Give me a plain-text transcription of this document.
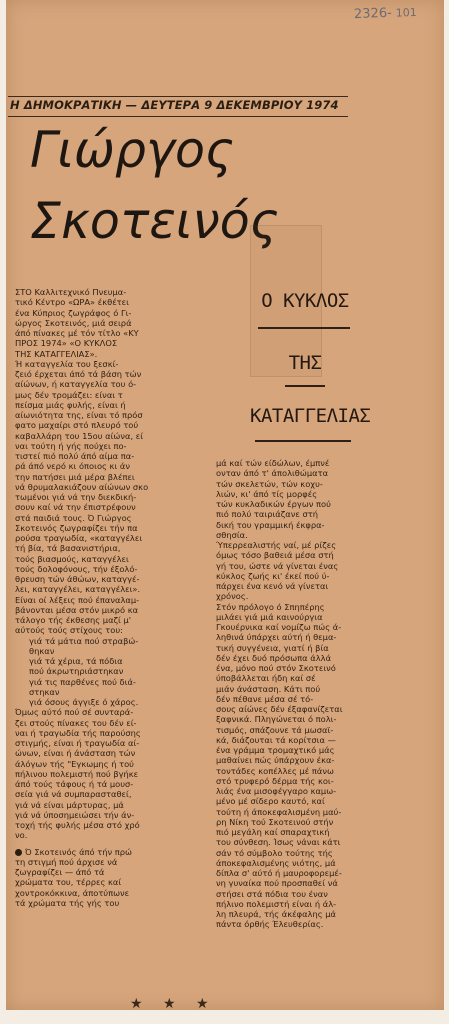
2326- 101
Η ΔΗΜΟΚΡΑΤΙΚΗ — ΔΕΥΤΕΡΑ 9 ΔΕΚΕΜΒΡΙΟΥ 1974
Γιώργος
Σκοτεινός
Ο ΚΥΚΛΟΣ
ΤΗΣ
ΚΑΤΑΓΓΕΛΙΑΣ
ΣΤΟ Καλλιτεχνικό Πνευμα-
τικό Κέντρο «ΩΡΑ» έκθέτει
ένα Κύπριος ζωγράφος ό Γι-
ώργος Σκοτεινός, μιά σειρά
άπό πίνακες μέ τόν τίτλο «ΚΥ
ΠΡΟΣ 1974» «Ο ΚΥΚΛΟΣ
ΤΗΣ ΚΑΤΑΓΓΕΛΙΑΣ».
Ή καταγγελία του ξεσκί-
ζειό έρχεται άπό τά βάση τών
αίώνων, ή καταγγελία του ό-
μως δέν τρομάζει: είναι τ
πείσμα μιάς φυλής, είναι ή
αίωνιότητα της, είναι τό πρόσ
φατο μαχαίρι στό πλευρό τού
καβαλλάρη του 15ου αίώνα, εί
ναι τούτη ή γής πούχει πο-
τιστεί πιό πολύ άπό αίμα πα-
ρά άπό νερό κι όποιος κι άν
την πατήσει μιά μέρα βλέπει
νά θρυμαλακιάζουν αίώνων σκο
τωμένοι γιά νά την διεκδική-
σουν καί νά την έπιστρέφουν
στά παιδιά τους. Ό Γιώργος
Σκοτεινός ζωγραφίζει τήν πα
ρούσα τραγωδία, «καταγγέλει
τή βία, τά βασανιστήρια,
τούς βιασμούς, καταγγέλει
τούς δολοφόνους, τήν έξολό-
θρευση τών άθώων, καταγγέ-
λει, καταγγέλει, καταγγέλει».
Είναι οί λέξεις πού έπαναλαμ-
βάνονται μέσα στόν μικρό κα
τάλογο τής έκθεσης μαζί μ'
αύτούς τούς στίχους του:
γιά τά μάτια πού στραβώ-
θηκαν
γιά τά χέρια, τά πόδια
πού άκρωτηριάστηκαν
γιά τις παρθένες πού διά-
στηκαν
γιά όσους άγγιξε ό χάρος.
Όμως αύτό πού σέ συνταρά-
ζει στούς πίνακες του δέν εί-
ναι ή τραγωδία τής παρούσης
στιγμής, είναι ή τραγωδία αί-
ώνων, είναι ή άνάσταση τών
άλόγων τής "Εγκωμης ή τού
πήλινου πολεμιστή πού βγήκε
άπό τούς τάφους ή τά μουσ-
σεία γιά νά συμπαρασταθεί,
γιά νά είναι μάρτυρας, μά
γιά νά ύποσημειώσει τήν άν-
τοχή τής φυλής μέσα στό χρό
νο.
Ό Σκοτεινός άπό τήν πρώ
τη στιγμή πού άρχισε νά
ζωγραφίζει — άπό τά
χρώματα του, τέρρες καί
χοντροκόκκινα, άποτύπωνε
τά χρώματα τής γής του
μά καί τών είδώλων, έμπνέ
ονταν άπό τ' άπολιθώματα
τών σκελετών, τών κοχυ-
λιών, κι' άπό τίς μορφές
τών κυκλαδικών έργων πού
πιό πολύ ταιριάζανε στή
δική του γραμμική έκφρα-
σθησία.
Ύπερρεαλιστής ναί, μέ ρίζες
όμως τόσο βαθειά μέσα στή
γή του, ώστε νά γίνεται ένας
κύκλος ζωής κι' έκεί πού ύ-
πάρχει ένα κενό νά γίνεται
χρόνος.
Στόν πρόλογο ό Σπηπέρης
μιλάει γιά μιά καινούργια
Γκουέρνικα καί νομίζω πώς ά-
ληθινά ύπάρχει αύτή ή θεμα-
τική συγγένεια, γιατί ή βία
δέν έχει δυό πρόσωπα άλλά
ένα, μόνο πού στόν Σκοτεινό
ύποβάλλεται ήδη καί σέ
μιάν άνάσταση. Κάτι πού
δέν πέθανε μέσα σέ τό-
σους αίώνες δέν έξαφανίζεται
ξαφνικά. Πληγώνεται ό πολι-
τισμός, σπάζουνε τά μωσαϊ-
κά, διάζουται τά κορίτσια —
ένα γράμμα τρομαχτικό μάς
μαθαίνει πώς ύπάρχουν έκα-
τοντάδες κοπέλλες μέ πάνω
στό τρυφερό δέρμα τής κοι-
λιάς ένα μισοφέγγαρο καμω-
μένο μέ σίδερο καυτό, καί
τούτη ή άποκεφαλισμένη μαύ-
ρη Νίκη τού Σκοτεινού στήν
πιό μεγάλη καί σπαραχτική
του σύνθεση. Ίσως νάναι κάτι
σάν τό σύμβολο τούτης τής
άποκεφαλισμένης νιότης, μά
δίπλα σ' αύτό ή μαυροφορεμέ-
νη γυναίκα πού προσπαθεί νά
στήσει στά πόδια του έναν
πήλινο πολεμιστή είναι ή άλ-
λη πλευρά, τής άκέφαλης μά
πάντα όρθής Έλευθερίας.
★ ★ ★
